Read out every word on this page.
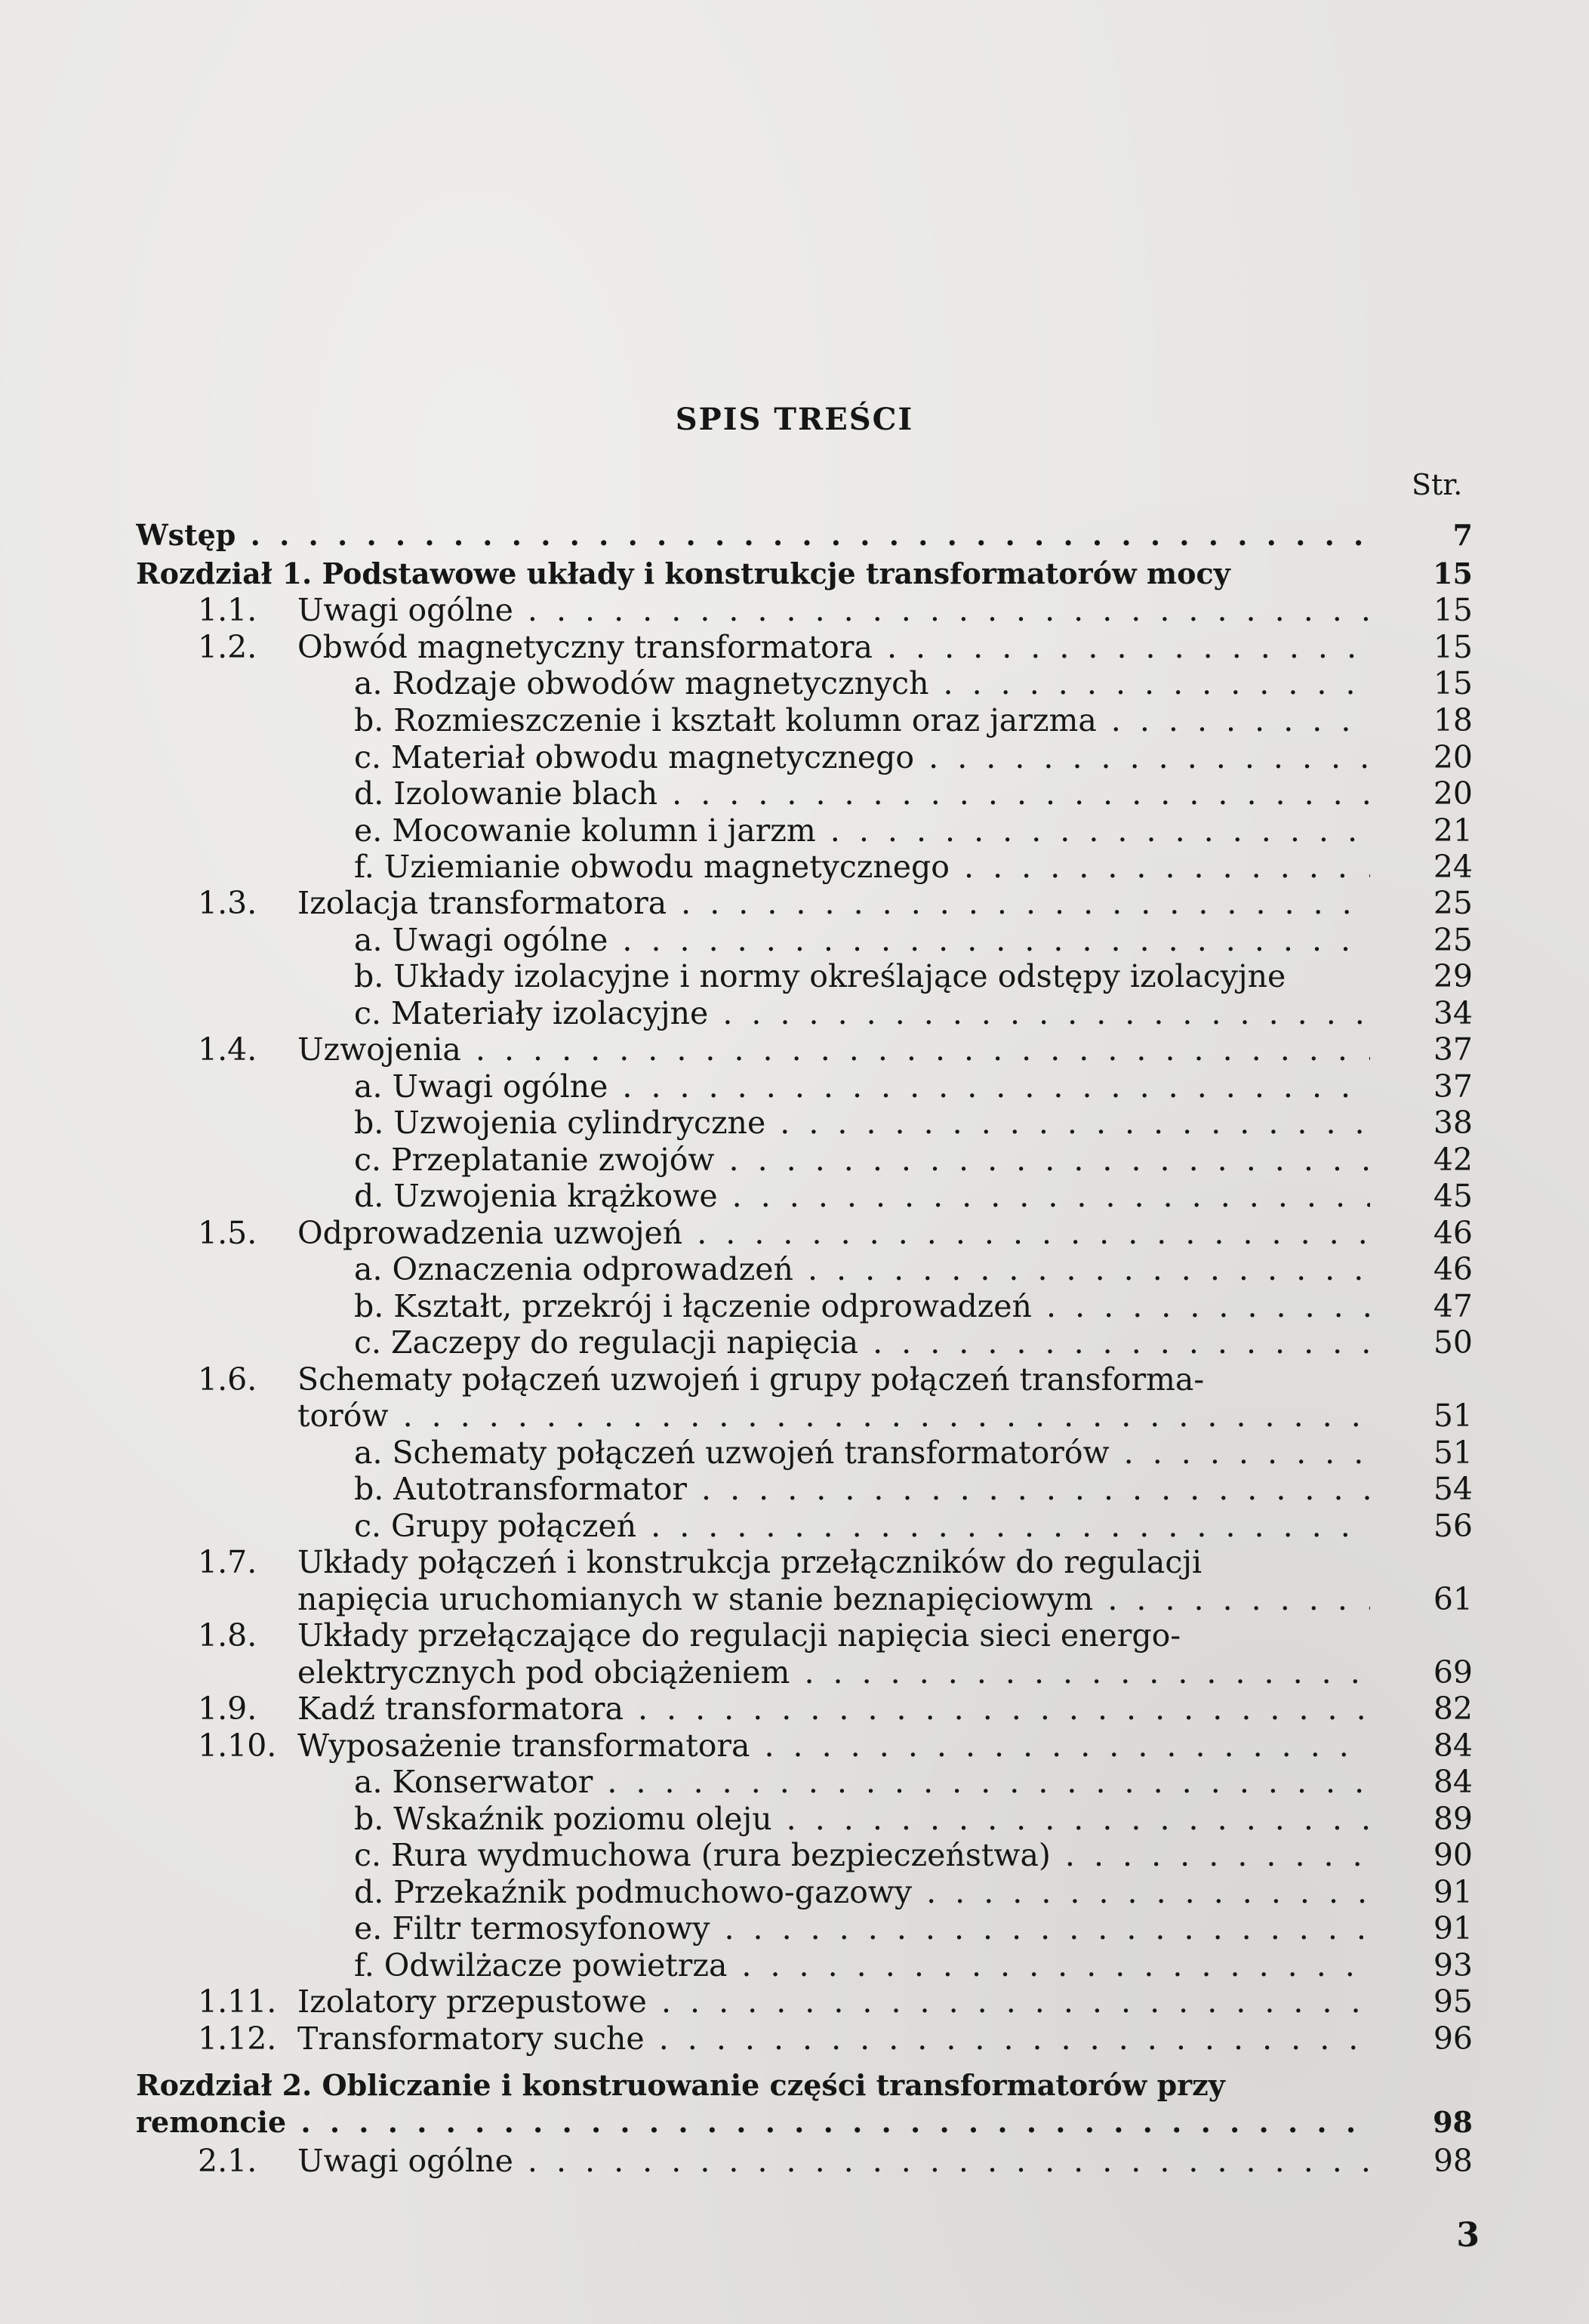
SPIS TREŚCI
Str.
Wstęp . . .	7
Rozdział 1. Podstawowe układy i konstrukcje transformatorów mocy	15
1.1. Uwagi ogólne . . .	15
1.2. Obwód magnetyczny transformatora . . .	15
a. Rodzaje obwodów magnetycznych . . .	15
b. Rozmieszczenie i kształt kolumn oraz jarzma . . .	18
c. Materiał obwodu magnetycznego . . .	20
d. Izolowanie blach . . .	20
e. Mocowanie kolumn i jarzm . . .	21
f. Uziemianie obwodu magnetycznego . . .	24
1.3. Izolacja transformatora . . .	25
a. Uwagi ogólne . . .	25
b. Układy izolacyjne i normy określające odstępy izolacyjne	29
c. Materiały izolacyjne . . .	34
1.4. Uzwojenia . . .	37
a. Uwagi ogólne . . .	37
b. Uzwojenia cylindryczne . . .	38
c. Przeplatanie zwojów . . .	42
d. Uzwojenia krążkowe . . .	45
1.5. Odprowadzenia uzwojeń . . .	46
a. Oznaczenia odprowadzeń . . .	46
b. Kształt, przekrój i łączenie odprowadzeń . . .	47
c. Zaczepy do regulacji napięcia . . .	50
1.6. Schematy połączeń uzwojeń i grupy połączeń transforma-
torów . . .	51
a. Schematy połączeń uzwojeń transformatorów . . .	51
b. Autotransformator . . .	54
c. Grupy połączeń . . .	56
1.7. Układy połączeń i konstrukcja przełączników do regulacji
napięcia uruchomianych w stanie beznapięciowym . . .	61
1.8. Układy przełączające do regulacji napięcia sieci energo-
elektrycznych pod obciążeniem . . .	69
1.9. Kadź transformatora . . .	82
1.10. Wyposażenie transformatora . . .	84
a. Konserwator . . .	84
b. Wskaźnik poziomu oleju . . .	89
c. Rura wydmuchowa (rura bezpieczeństwa) . . .	90
d. Przekaźnik podmuchowo-gazowy . . .	91
e. Filtr termosyfonowy . . .	91
f. Odwilżacze powietrza . . .	93
1.11. Izolatory przepustowe . . .	95
1.12. Transformatory suche . . .	96
Rozdział 2. Obliczanie i konstruowanie części transformatorów przy
remoncie . . .	98
2.1. Uwagi ogólne . . .	98
3
